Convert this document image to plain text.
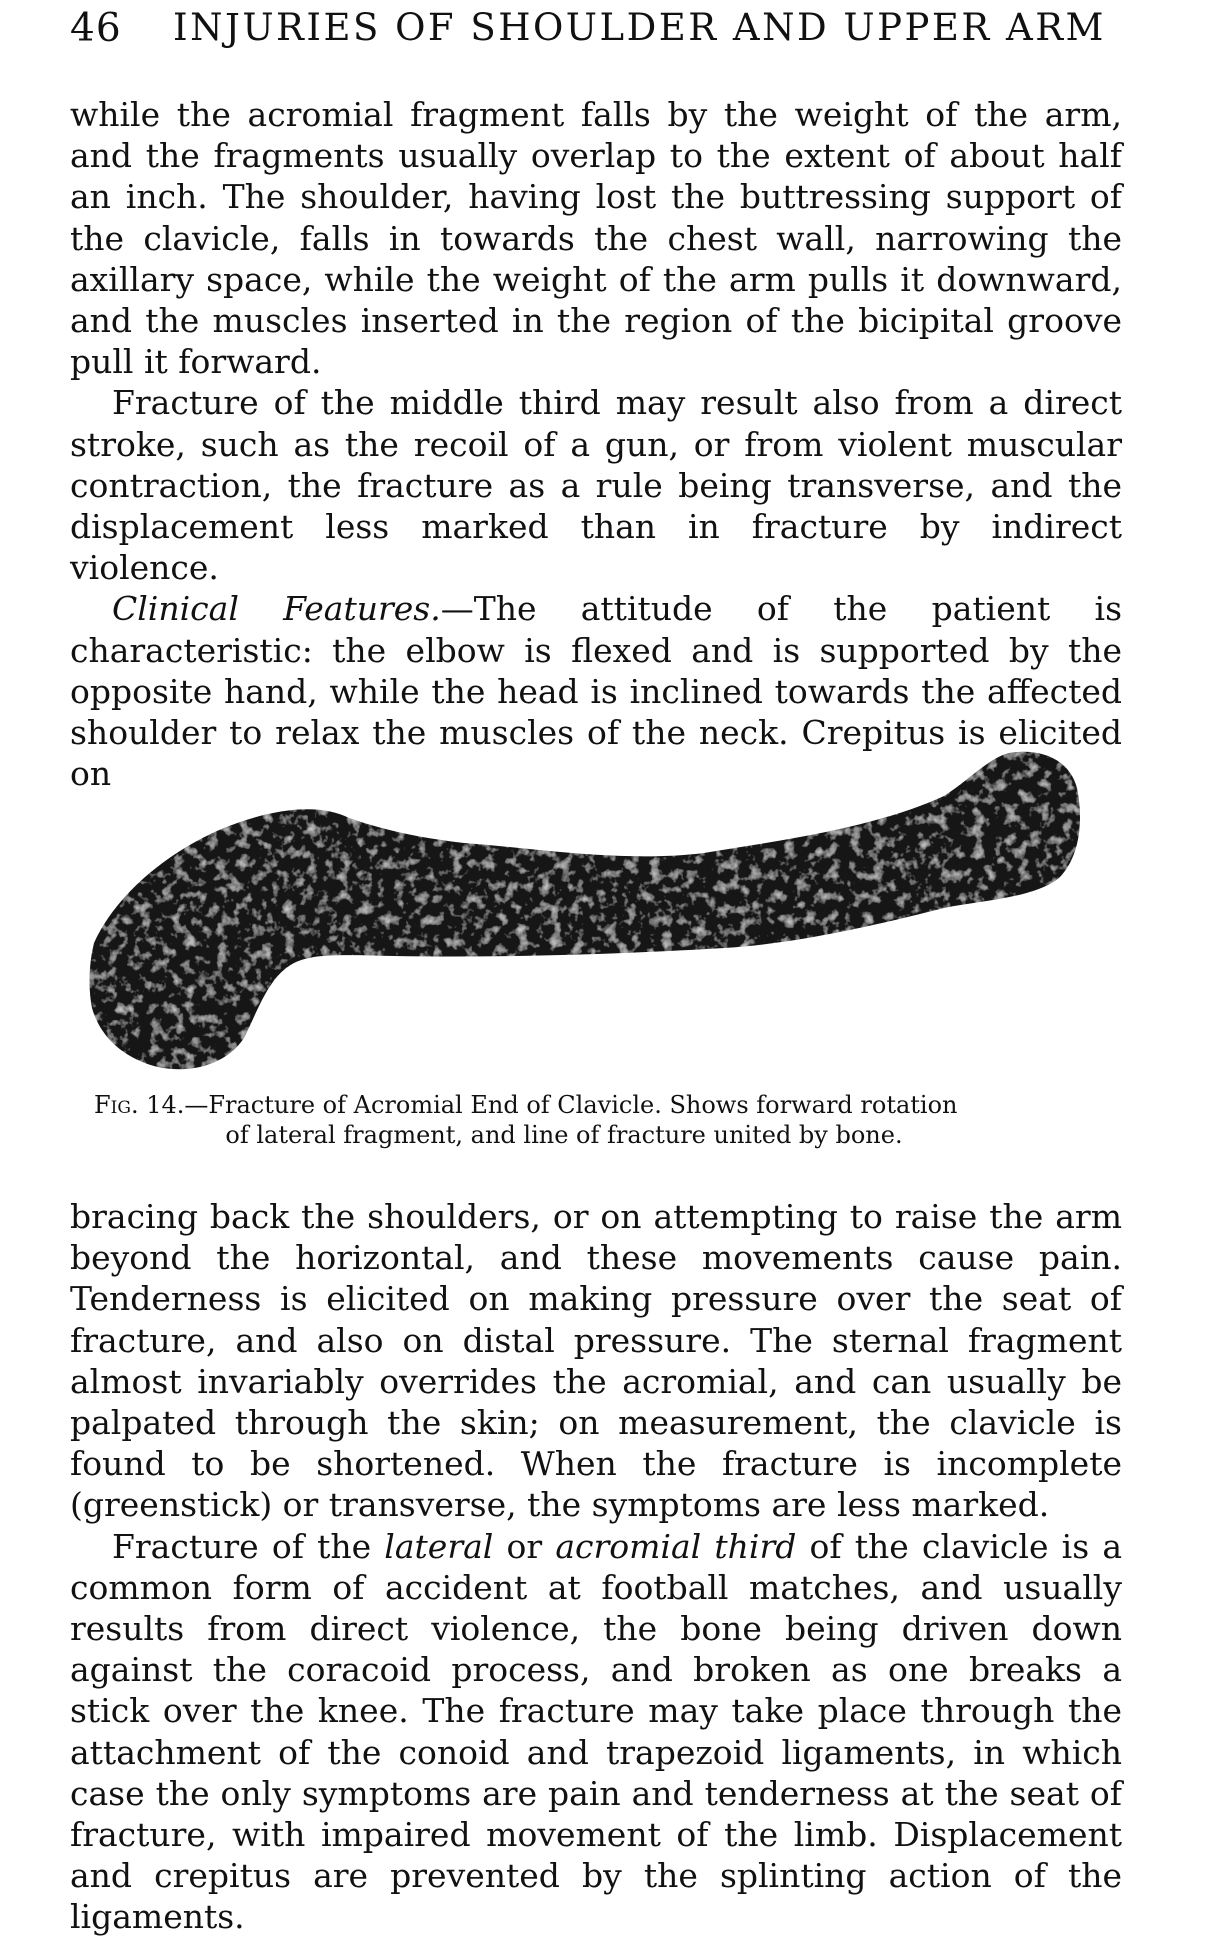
46 INJURIES OF SHOULDER AND UPPER ARM

while the acromial fragment falls by the weight of the arm, and the fragments usually overlap to the extent of about half an inch. The shoulder, having lost the buttressing support of the clavicle, falls in towards the chest wall, narrowing the axillary space, while the weight of the arm pulls it downward, and the muscles inserted in the region of the bicipital groove pull it forward.

Fracture of the middle third may result also from a direct stroke, such as the recoil of a gun, or from violent muscular contraction, the fracture as a rule being transverse, and the displacement less marked than in fracture by indirect violence.

Clinical Features.—The attitude of the patient is characteristic: the elbow is flexed and is supported by the opposite hand, while the head is inclined towards the affected shoulder to relax the muscles of the neck. Crepitus is elicited on

Fig. 14.—Fracture of Acromial End of Clavicle. Shows forward rotation
of lateral fragment, and line of fracture united by bone.

bracing back the shoulders, or on attempting to raise the arm beyond the horizontal, and these movements cause pain. Tenderness is elicited on making pressure over the seat of fracture, and also on distal pressure. The sternal fragment almost invariably overrides the acromial, and can usually be palpated through the skin; on measurement, the clavicle is found to be shortened. When the fracture is incomplete (greenstick) or transverse, the symptoms are less marked.

Fracture of the lateral or acromial third of the clavicle is a common form of accident at football matches, and usually results from direct violence, the bone being driven down against the coracoid process, and broken as one breaks a stick over the knee. The fracture may take place through the attachment of the conoid and trapezoid ligaments, in which case the only symptoms are pain and tenderness at the seat of fracture, with impaired movement of the limb. Displacement and crepitus are prevented by the splinting action of the ligaments.
